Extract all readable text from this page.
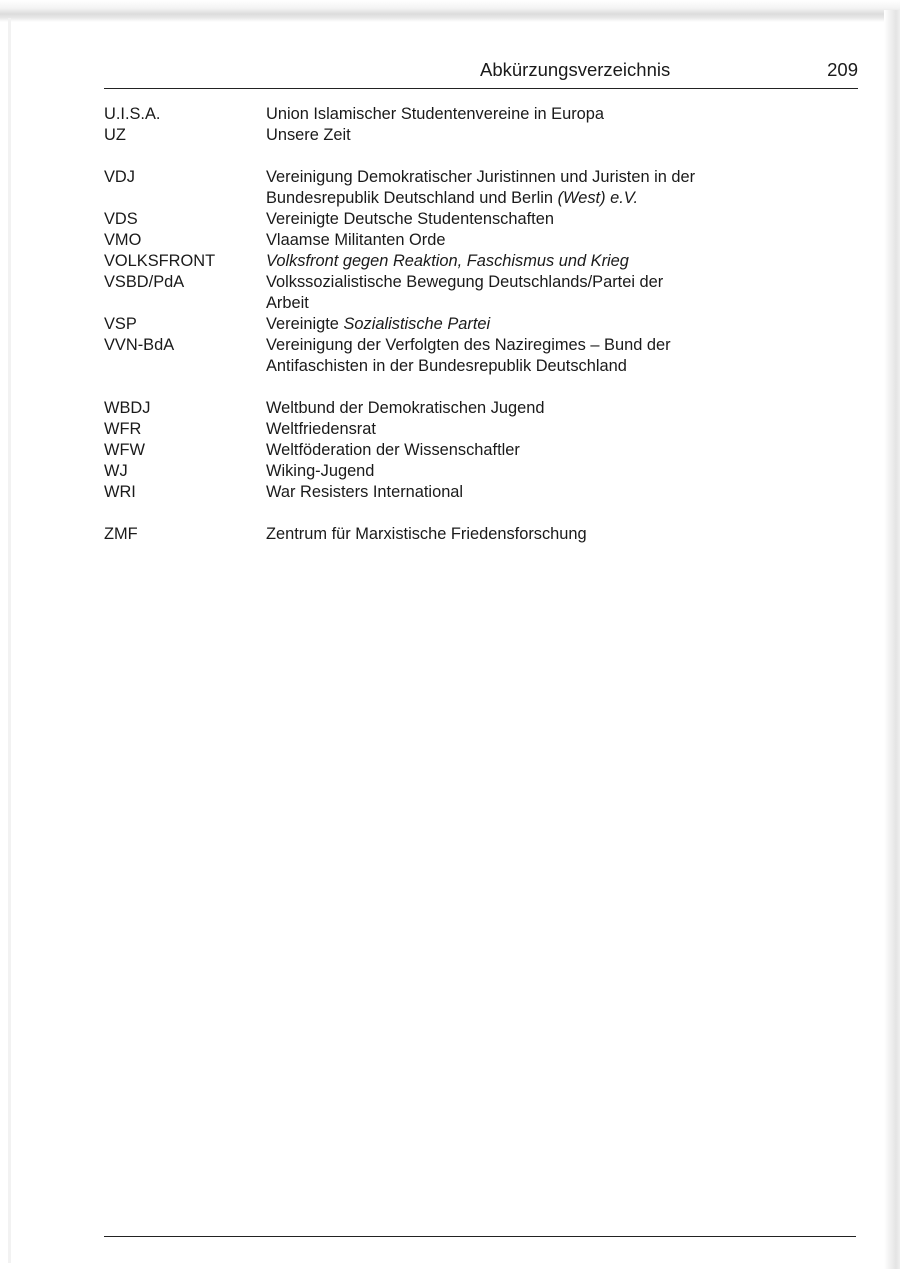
Abkürzungsverzeichnis	209
U.I.S.A.	Union Islamischer Studentenvereine in Europa
UZ	Unsere Zeit
VDJ	Vereinigung Demokratischer Juristinnen und Juristen in der Bundesrepublik Deutschland und Berlin (West) e.V.
VDS	Vereinigte Deutsche Studentenschaften
VMO	Vlaamse Militanten Orde
VOLKSFRONT	Volksfront gegen Reaktion, Faschismus und Krieg
VSBD/PdA	Volkssozialistische Bewegung Deutschlands/Partei der Arbeit
VSP	Vereinigte Sozialistische Partei
VVN-BdA	Vereinigung der Verfolgten des Naziregimes – Bund der Antifaschisten in der Bundesrepublik Deutschland
WBDJ	Weltbund der Demokratischen Jugend
WFR	Weltfriedensrat
WFW	Weltföderation der Wissenschaftler
WJ	Wiking-Jugend
WRI	War Resisters International
ZMF	Zentrum für Marxistische Friedensforschung
